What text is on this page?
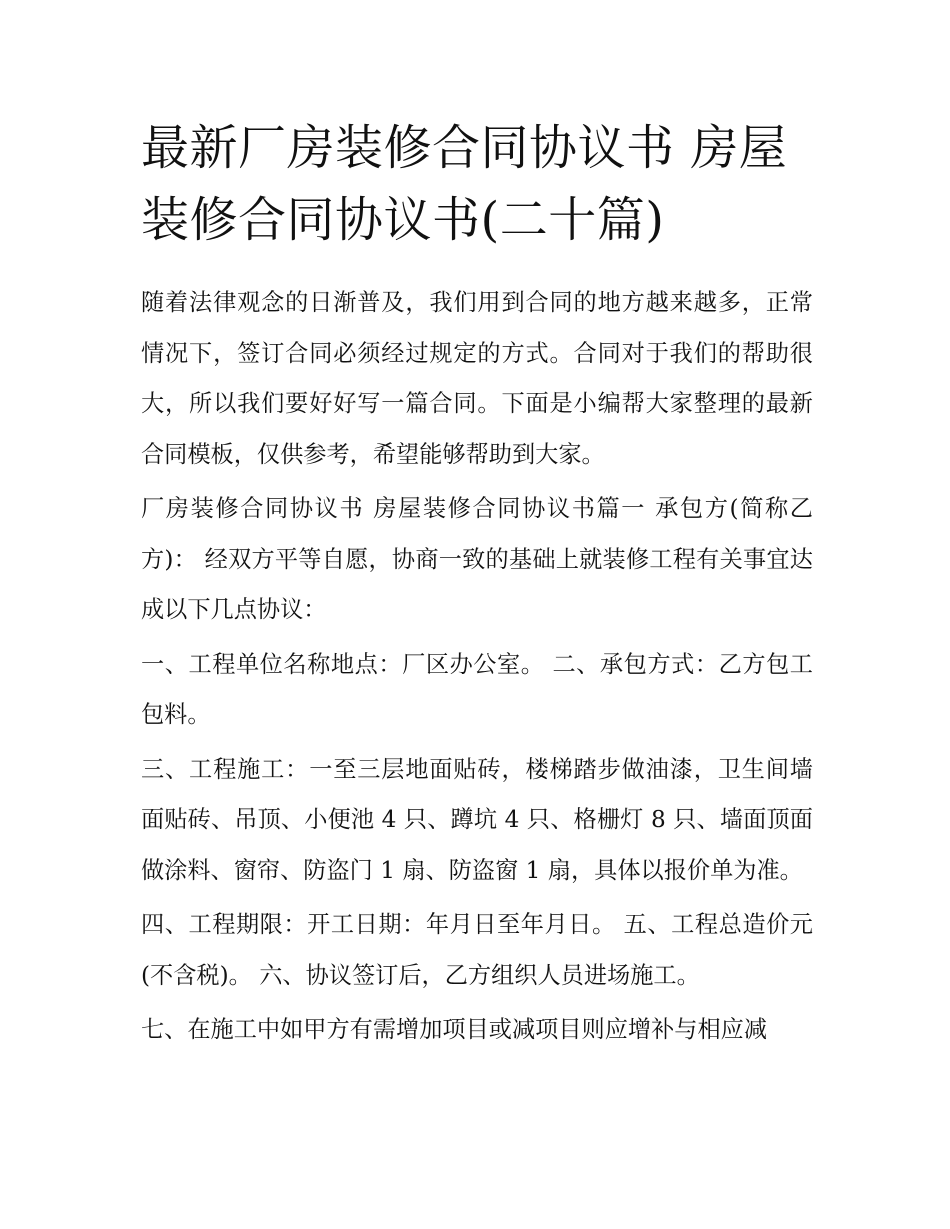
最新厂房装修合同协议书 房屋装修合同协议书(二十篇)

随着法律观念的日渐普及，我们用到合同的地方越来越多，正常情况下，签订合同必须经过规定的方式。合同对于我们的帮助很大，所以我们要好好写一篇合同。下面是小编帮大家整理的最新合同模板，仅供参考，希望能够帮助到大家。

厂房装修合同协议书 房屋装修合同协议书篇一 承包方(简称乙方)： 经双方平等自愿，协商一致的基础上就装修工程有关事宜达成以下几点协议：

一、工程单位名称地点：厂区办公室。 二、承包方式：乙方包工包料。

三、工程施工：一至三层地面贴砖，楼梯踏步做油漆，卫生间墙面贴砖、吊顶、小便池 4 只、蹲坑 4 只、格栅灯 8 只、墙面顶面做涂料、窗帘、防盗门 1 扇、防盗窗 1 扇，具体以报价单为准。

四、工程期限：开工日期：年月日至年月日。 五、工程总造价元(不含税)。 六、协议签订后，乙方组织人员进场施工。

七、在施工中如甲方有需增加项目或减项目则应增补与相应减
